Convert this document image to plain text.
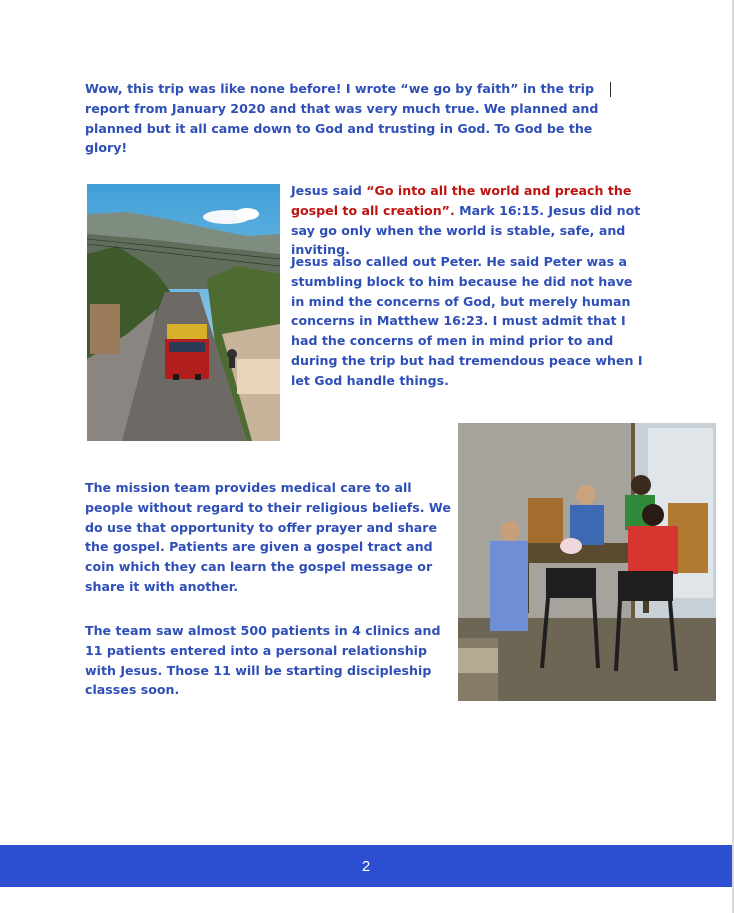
Wow, this trip was like none before! I wrote “we go by faith” in the trip report from January 2020 and that was very much true. We planned and planned but it all came down to God and trusting in God. To God be the glory!

Jesus said “Go into all the world and preach the gospel to all creation”. Mark 16:15. Jesus did not say go only when the world is stable, safe, and inviting.

Jesus also called out Peter. He said Peter was a stumbling block to him because he did not have in mind the concerns of God, but merely human concerns in Matthew 16:23. I must admit that I had the concerns of men in mind prior to and during the trip but had tremendous peace when I let God handle things.

The mission team provides medical care to all people without regard to their religious beliefs. We do use that opportunity to offer prayer and share the gospel. Patients are given a gospel tract and coin which they can learn the gospel message or share it with another.

The team saw almost 500 patients in 4 clinics and 11 patients entered into a personal relationship with Jesus. Those 11 will be starting discipleship classes soon.

2
